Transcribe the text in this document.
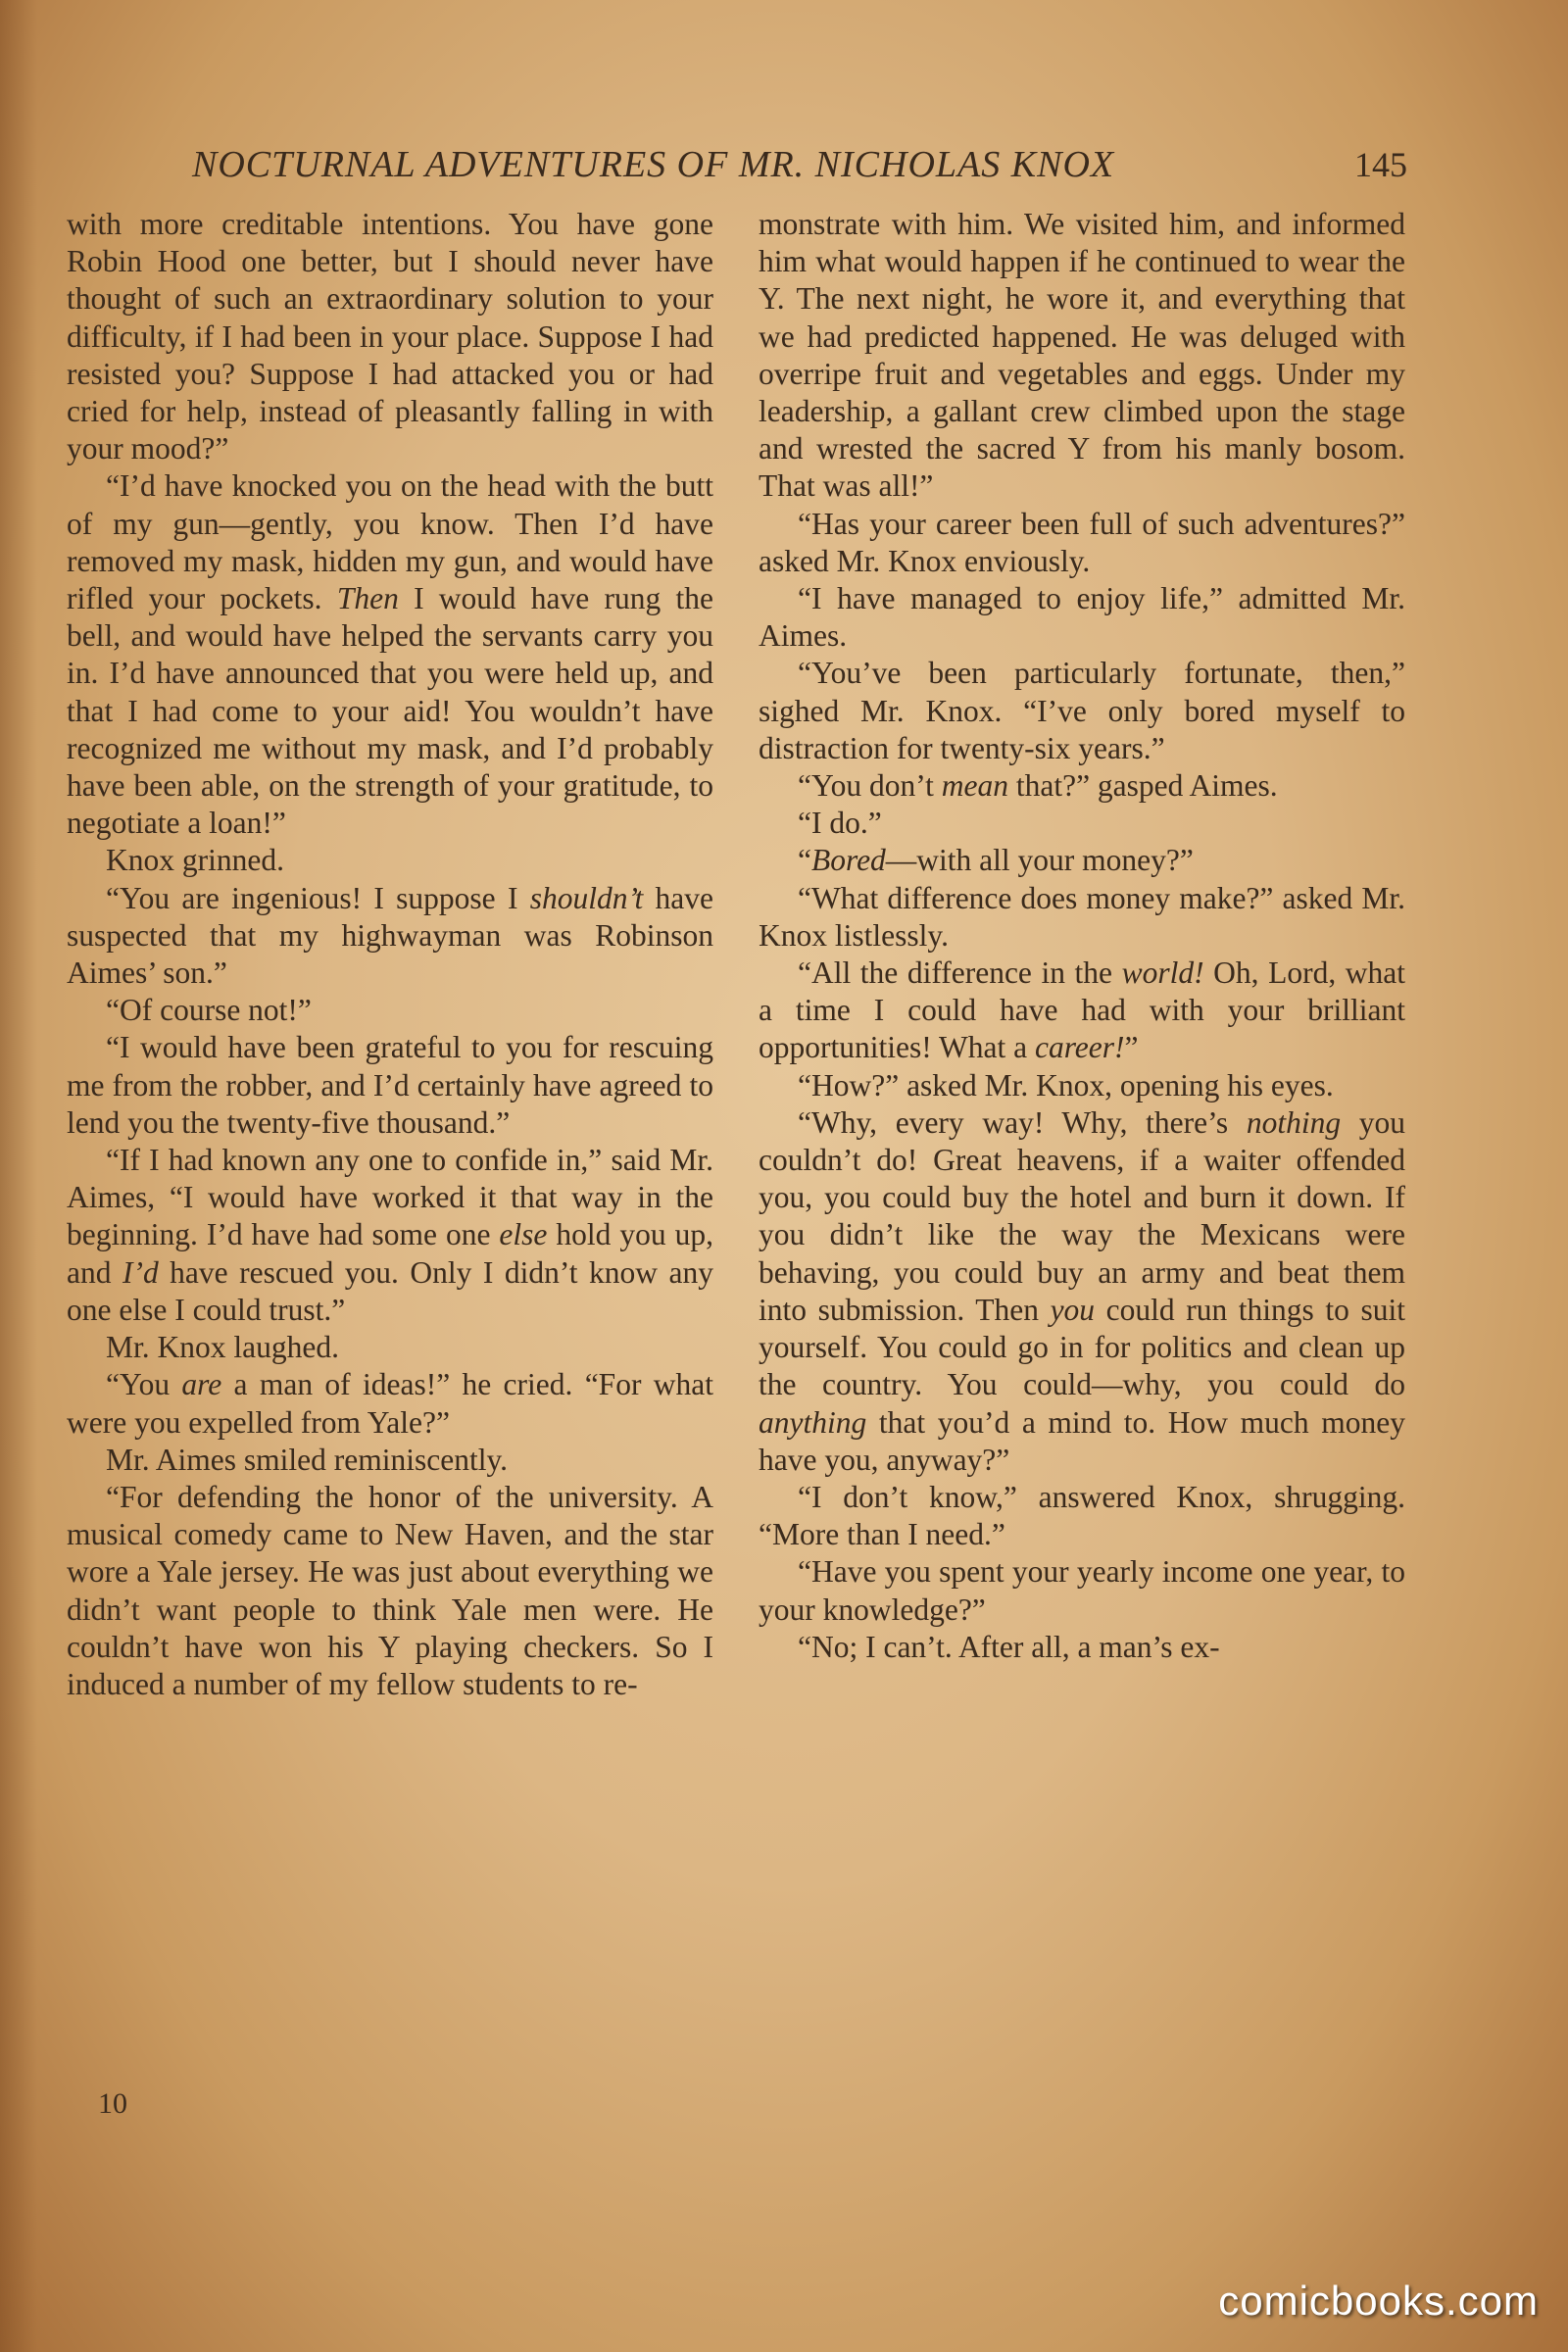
NOCTURNAL ADVENTURES OF MR. NICHOLAS KNOX	145

with more creditable intentions. You have gone Robin Hood one better, but I should never have thought of such an extraordinary solution to your difficulty, if I had been in your place. Suppose I had resisted you? Suppose I had attacked you or had cried for help, instead of pleasantly falling in with your mood?”

“I’d have knocked you on the head with the butt of my gun—gently, you know. Then I’d have removed my mask, hidden my gun, and would have rifled your pockets. Then I would have rung the bell, and would have helped the servants carry you in. I’d have announced that you were held up, and that I had come to your aid! You wouldn’t have recognized me without my mask, and I’d probably have been able, on the strength of your gratitude, to negotiate a loan!”

Knox grinned.

“You are ingenious! I suppose I shouldn’t have suspected that my highwayman was Robinson Aimes’ son.”

“Of course not!”

“I would have been grateful to you for rescuing me from the robber, and I’d certainly have agreed to lend you the twenty-five thousand.”

“If I had known any one to confide in,” said Mr. Aimes, “I would have worked it that way in the beginning. I’d have had some one else hold you up, and I’d have rescued you. Only I didn’t know any one else I could trust.”

Mr. Knox laughed.

“You are a man of ideas!” he cried. “For what were you expelled from Yale?”

Mr. Aimes smiled reminiscently.

“For defending the honor of the university. A musical comedy came to New Haven, and the star wore a Yale jersey. He was just about everything we didn’t want people to think Yale men were. He couldn’t have won his Y playing checkers. So I induced a number of my fellow students to re-

monstrate with him. We visited him, and informed him what would happen if he continued to wear the Y. The next night, he wore it, and everything that we had predicted happened. He was deluged with overripe fruit and vegetables and eggs. Under my leadership, a gallant crew climbed upon the stage and wrested the sacred Y from his manly bosom. That was all!”

“Has your career been full of such adventures?” asked Mr. Knox enviously.

“I have managed to enjoy life,” admitted Mr. Aimes.

“You’ve been particularly fortunate, then,” sighed Mr. Knox. “I’ve only bored myself to distraction for twenty-six years.”

“You don’t mean that?” gasped Aimes.

“I do.”

“Bored—with all your money?”

“What difference does money make?” asked Mr. Knox listlessly.

“All the difference in the world! Oh, Lord, what a time I could have had with your brilliant opportunities! What a career!”

“How?” asked Mr. Knox, opening his eyes.

“Why, every way! Why, there’s nothing you couldn’t do! Great heavens, if a waiter offended you, you could buy the hotel and burn it down. If you didn’t like the way the Mexicans were behaving, you could buy an army and beat them into submission. Then you could run things to suit yourself. You could go in for politics and clean up the country. You could—why, you could do anything that you’d a mind to. How much money have you, anyway?”

“I don’t know,” answered Knox, shrugging. “More than I need.”

“Have you spent your yearly income one year, to your knowledge?”

“No; I can’t. After all, a man’s ex-

10
comicbooks.com
